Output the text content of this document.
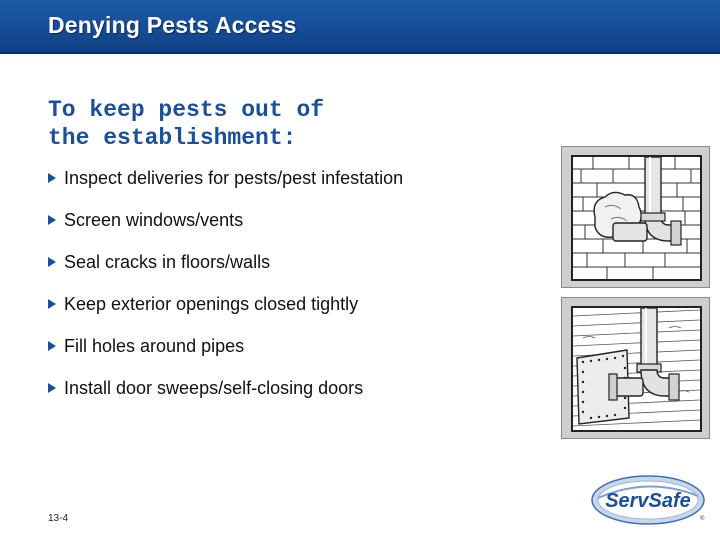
Denying Pests Access
To keep pests out of
the establishment:
Inspect deliveries for pests/pest infestation
Screen windows/vents
Seal cracks in floors/walls
Keep exterior openings closed tightly
Fill holes around pipes
Install door sweeps/self-closing doors
13-4
ServSafe
®
